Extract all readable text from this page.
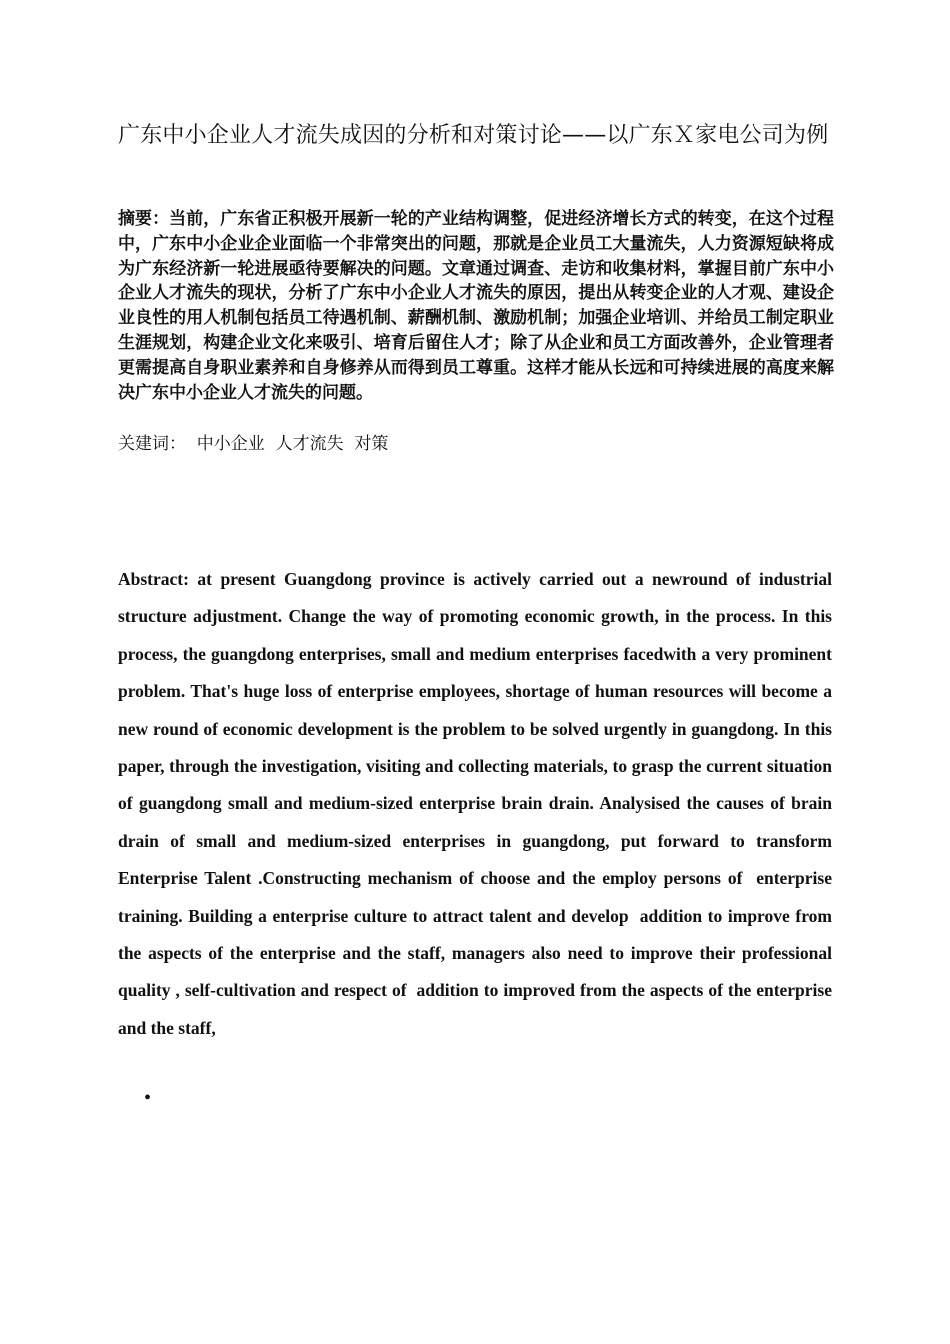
广东中小企业人才流失成因的分析和对策讨论——以广东Ｘ家电公司为例
摘要：当前，广东省正积极开展新一轮的产业结构调整，促进经济增长方式的转变，在这个过程中，广东中小企业企业面临一个非常突出的问题，那就是企业员工大量流失，人力资源短缺将成为广东经济新一轮进展亟待要解决的问题。文章通过调查、走访和收集材料，掌握目前广东中小企业人才流失的现状，分析了广东中小企业人才流失的原因，提出从转变企业的人才观、建设企业良性的用人机制包括员工待遇机制、薪酬机制、激励机制；加强企业培训、并给员工制定职业生涯规划，构建企业文化来吸引、培育后留住人才；除了从企业和员工方面改善外，企业管理者更需提高自身职业素养和自身修养从而得到员工尊重。这样才能从长远和可持续进展的高度来解决广东中小企业人才流失的问题。
关建词：  中小企业  人才流失  对策
Abstract: at present Guangdong province is actively carried out a newround of industrial structure adjustment. Change the way of promoting economic growth, in the process. In this process, the guangdong enterprises, small and medium enterprises facedwith a very prominent problem. That's huge loss of enterprise employees, shortage of human resources will become a new round of economic development is the problem to be solved urgently in guangdong. In this paper, through the investigation, visiting and collecting materials, to grasp the current situation of guangdong small and medium-sized enterprise brain drain. Analysised the causes of brain drain of small and medium-sized enterprises in guangdong, put forward to transform Enterprise Talent .Constructing mechanism of choose and the employ persons of  enterprise training. Building a enterprise culture to attract talent and develop  addition to improve from the aspects of the enterprise and the staff, managers also need to improve their professional quality , self-cultivation and respect of  addition to improved from the aspects of the enterprise and the staff,
•
